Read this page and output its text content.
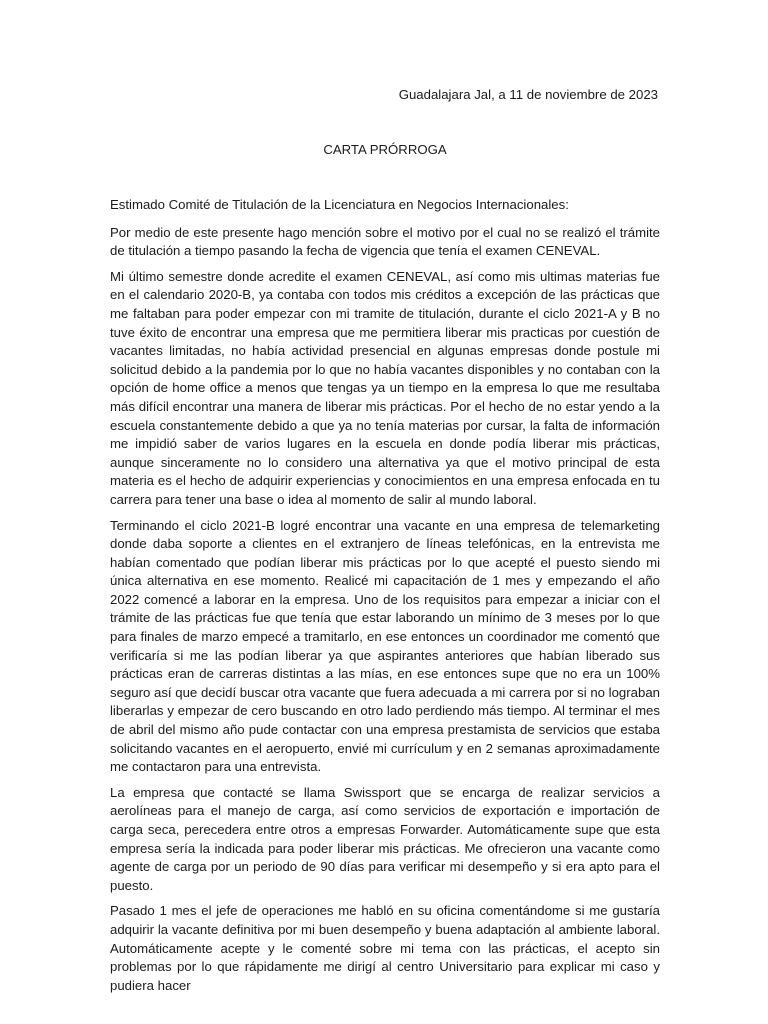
Guadalajara Jal, a 11 de noviembre de 2023
CARTA PRÓRROGA

Estimado Comité de Titulación de la Licenciatura en Negocios Internacionales:

Por medio de este presente hago mención sobre el motivo por el cual no se realizó el trámite de titulación a tiempo pasando la fecha de vigencia que tenía el examen CENEVAL.

Mi último semestre donde acredite el examen CENEVAL, así como mis ultimas materias fue en el calendario 2020-B, ya contaba con todos mis créditos a excepción de las prácticas que me faltaban para poder empezar con mi tramite de titulación, durante el ciclo 2021-A y B no tuve éxito de encontrar una empresa que me permitiera liberar mis practicas por cuestión de vacantes limitadas, no había actividad presencial en algunas empresas donde postule mi solicitud debido a la pandemia por lo que no había vacantes disponibles y no contaban con la opción de home office a menos que tengas ya un tiempo en la empresa lo que me resultaba más difícil encontrar una manera de liberar mis prácticas. Por el hecho de no estar yendo a la escuela constantemente debido a que ya no tenía materias por cursar, la falta de información me impidió saber de varios lugares en la escuela en donde podía liberar mis prácticas, aunque sinceramente no lo considero una alternativa ya que el motivo principal de esta materia es el hecho de adquirir experiencias y conocimientos en una empresa enfocada en tu carrera para tener una base o idea al momento de salir al mundo laboral.

Terminando el ciclo 2021-B logré encontrar una vacante en una empresa de telemarketing donde daba soporte a clientes en el extranjero de líneas telefónicas, en la entrevista me habían comentado que podían liberar mis prácticas por lo que acepté el puesto siendo mi única alternativa en ese momento. Realicé mi capacitación de 1 mes y empezando el año 2022 comencé a laborar en la empresa. Uno de los requisitos para empezar a iniciar con el trámite de las prácticas fue que tenía que estar laborando un mínimo de 3 meses por lo que para finales de marzo empecé a tramitarlo, en ese entonces un coordinador me comentó que verificaría si me las podían liberar ya que aspirantes anteriores que habían liberado sus prácticas eran de carreras distintas a las mías, en ese entonces supe que no era un 100% seguro así que decidí buscar otra vacante que fuera adecuada a mi carrera por si no lograban liberarlas y empezar de cero buscando en otro lado perdiendo más tiempo. Al terminar el mes de abril del mismo año pude contactar con una empresa prestamista de servicios que estaba solicitando vacantes en el aeropuerto, envié mi currículum y en 2 semanas aproximadamente me contactaron para una entrevista.

La empresa que contacté se llama Swissport que se encarga de realizar servicios a aerolíneas para el manejo de carga, así como servicios de exportación e importación de carga seca, perecedera entre otros a empresas Forwarder. Automáticamente supe que esta empresa sería la indicada para poder liberar mis prácticas. Me ofrecieron una vacante como agente de carga por un periodo de 90 días para verificar mi desempeño y si era apto para el puesto.

Pasado 1 mes el jefe de operaciones me habló en su oficina comentándome si me gustaría adquirir la vacante definitiva por mi buen desempeño y buena adaptación al ambiente laboral. Automáticamente acepte y le comenté sobre mi tema con las prácticas, el acepto sin problemas por lo que rápidamente me dirigí al centro Universitario para explicar mi caso y pudiera hacer
